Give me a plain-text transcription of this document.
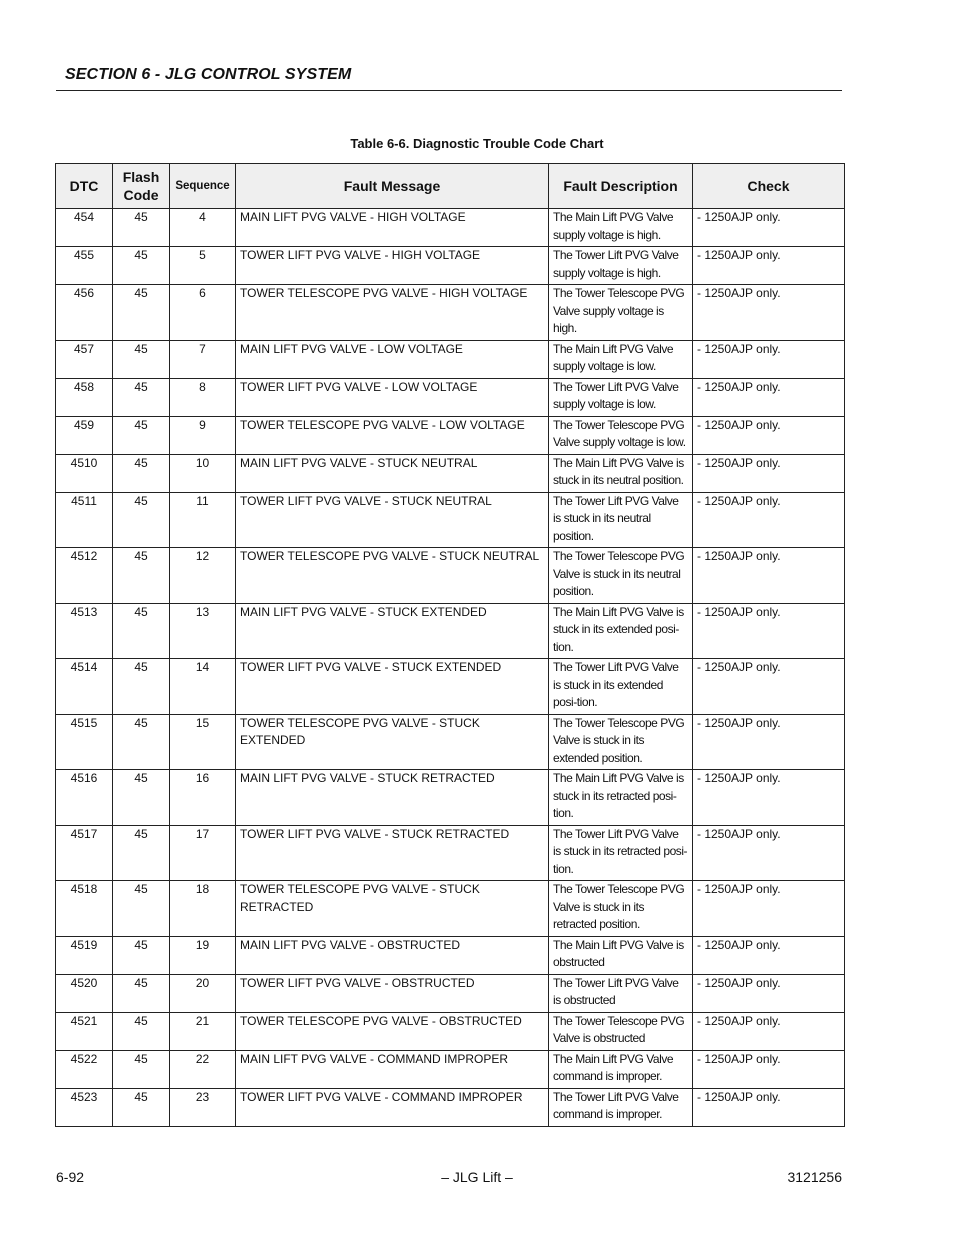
SECTION 6 - JLG CONTROL SYSTEM
Table 6-6. Diagnostic Trouble Code Chart
DTC	Flash Code	Sequence	Fault Message	Fault Description	Check
454	45	4	MAIN LIFT PVG VALVE - HIGH VOLTAGE	The Main Lift PVG Valve supply voltage is high.	- 1250AJP only.
455	45	5	TOWER LIFT PVG VALVE - HIGH VOLTAGE	The Tower Lift PVG Valve supply voltage is high.	- 1250AJP only.
456	45	6	TOWER TELESCOPE PVG VALVE - HIGH VOLTAGE	The Tower Telescope PVG Valve supply voltage is high.	- 1250AJP only.
457	45	7	MAIN LIFT PVG VALVE - LOW VOLTAGE	The Main Lift PVG Valve supply voltage is low.	- 1250AJP only.
458	45	8	TOWER LIFT PVG VALVE - LOW VOLTAGE	The Tower Lift PVG Valve supply voltage is low.	- 1250AJP only.
459	45	9	TOWER TELESCOPE PVG VALVE - LOW VOLTAGE	The Tower Telescope PVG Valve supply voltage is low.	- 1250AJP only.
4510	45	10	MAIN LIFT PVG VALVE - STUCK NEUTRAL	The Main Lift PVG Valve is stuck in its neutral position.	- 1250AJP only.
4511	45	11	TOWER LIFT PVG VALVE - STUCK NEUTRAL	The Tower Lift PVG Valve is stuck in its neutral position.	- 1250AJP only.
4512	45	12	TOWER TELESCOPE PVG VALVE - STUCK NEUTRAL	The Tower Telescope PVG Valve is stuck in its neutral position.	- 1250AJP only.
4513	45	13	MAIN LIFT PVG VALVE - STUCK EXTENDED	The Main Lift PVG Valve is stuck in its extended posi-tion.	- 1250AJP only.
4514	45	14	TOWER LIFT PVG VALVE - STUCK EXTENDED	The Tower Lift PVG Valve is stuck in its extended posi-tion.	- 1250AJP only.
4515	45	15	TOWER TELESCOPE PVG VALVE - STUCK EXTENDED	The Tower Telescope PVG Valve is stuck in its extended position.	- 1250AJP only.
4516	45	16	MAIN LIFT PVG VALVE - STUCK RETRACTED	The Main Lift PVG Valve is stuck in its retracted posi-tion.	- 1250AJP only.
4517	45	17	TOWER LIFT PVG VALVE - STUCK RETRACTED	The Tower Lift PVG Valve is stuck in its retracted posi-tion.	- 1250AJP only.
4518	45	18	TOWER TELESCOPE PVG VALVE - STUCK RETRACTED	The Tower Telescope PVG Valve is stuck in its retracted position.	- 1250AJP only.
4519	45	19	MAIN LIFT PVG VALVE - OBSTRUCTED	The Main Lift PVG Valve is obstructed	- 1250AJP only.
4520	45	20	TOWER LIFT PVG VALVE - OBSTRUCTED	The Tower Lift PVG Valve is obstructed	- 1250AJP only.
4521	45	21	TOWER TELESCOPE PVG VALVE - OBSTRUCTED	The Tower Telescope PVG Valve is obstructed	- 1250AJP only.
4522	45	22	MAIN LIFT PVG VALVE - COMMAND IMPROPER	The Main Lift PVG Valve command is improper.	- 1250AJP only.
4523	45	23	TOWER LIFT PVG VALVE - COMMAND IMPROPER	The Tower Lift PVG Valve command is improper.	- 1250AJP only.
6-92	– JLG Lift –	3121256
